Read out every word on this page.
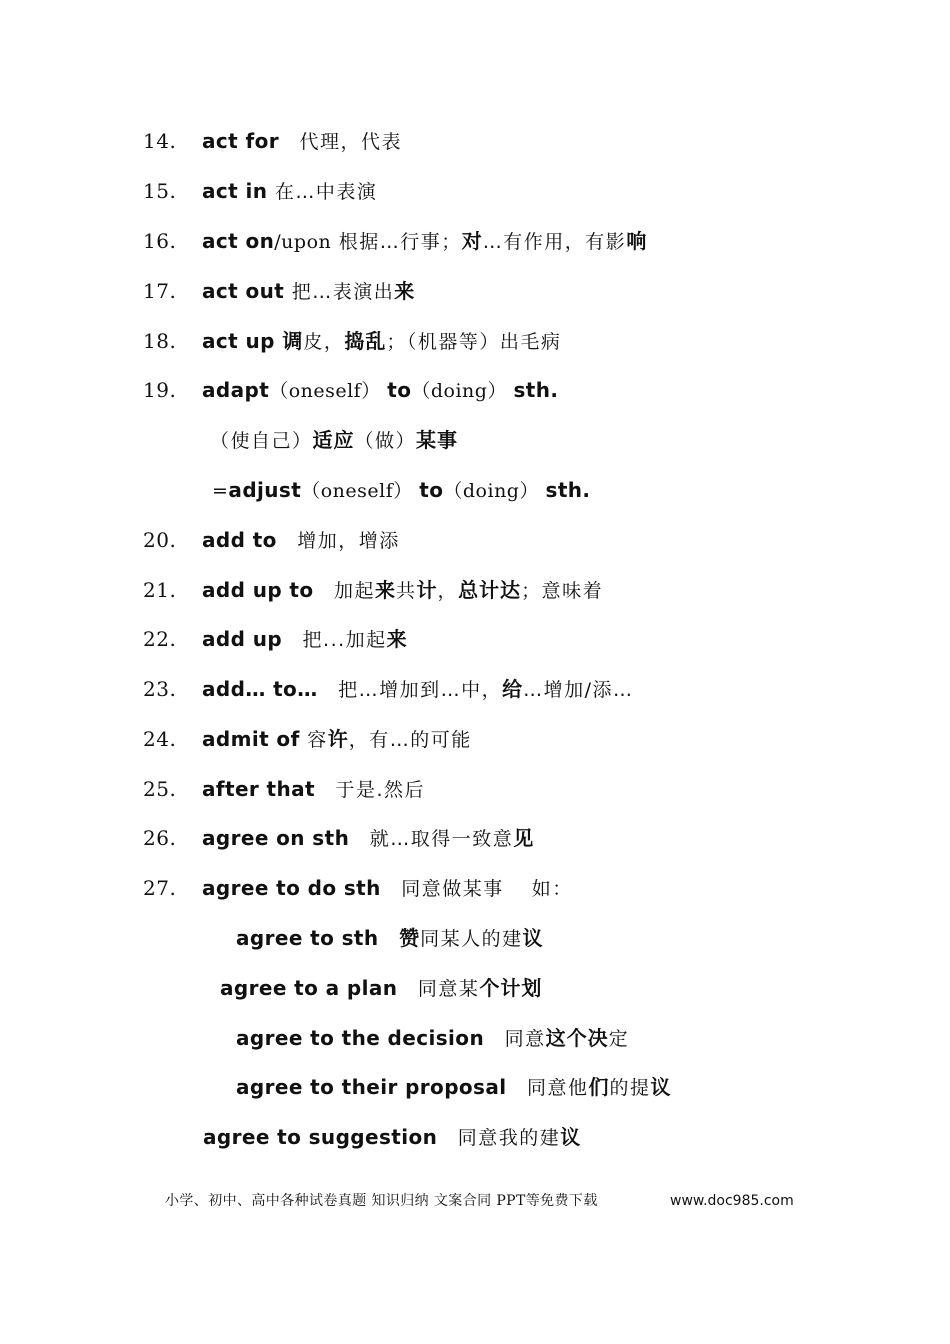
14.	act for　代理，代表
15.	act in 在…中表演
16.	act on/upon 根据…行事；对…有作用，有影响
17.	act out 把…表演出来
18.	act up 调皮，捣乱；（机器等）出毛病
19.	adapt（oneself） to（doing） sth.
（使自己）适应（做）某事
=adjust（oneself） to（doing） sth.
20.	add to　增加，增添
21.	add up to　加起来共计，总计达；意味着
22.	add up　把...加起来
23.	add… to…　把…增加到…中，给…增加/添…
24.	admit of 容许，有…的可能
25.	after that　于是.然后
26.	agree on sth　就…取得一致意见
27.	agree to do sth　同意做某事　 如：
agree to sth　 赞同某人的建议
agree to a plan　同意某个计划
agree to the decision　同意这个决定
agree to their proposal　同意他们的提议
agree to suggestion　同意我的建议
小学、初中、高中各种试卷真题 知识归纳 文案合同 PPT等免费下载	www.doc985.com
